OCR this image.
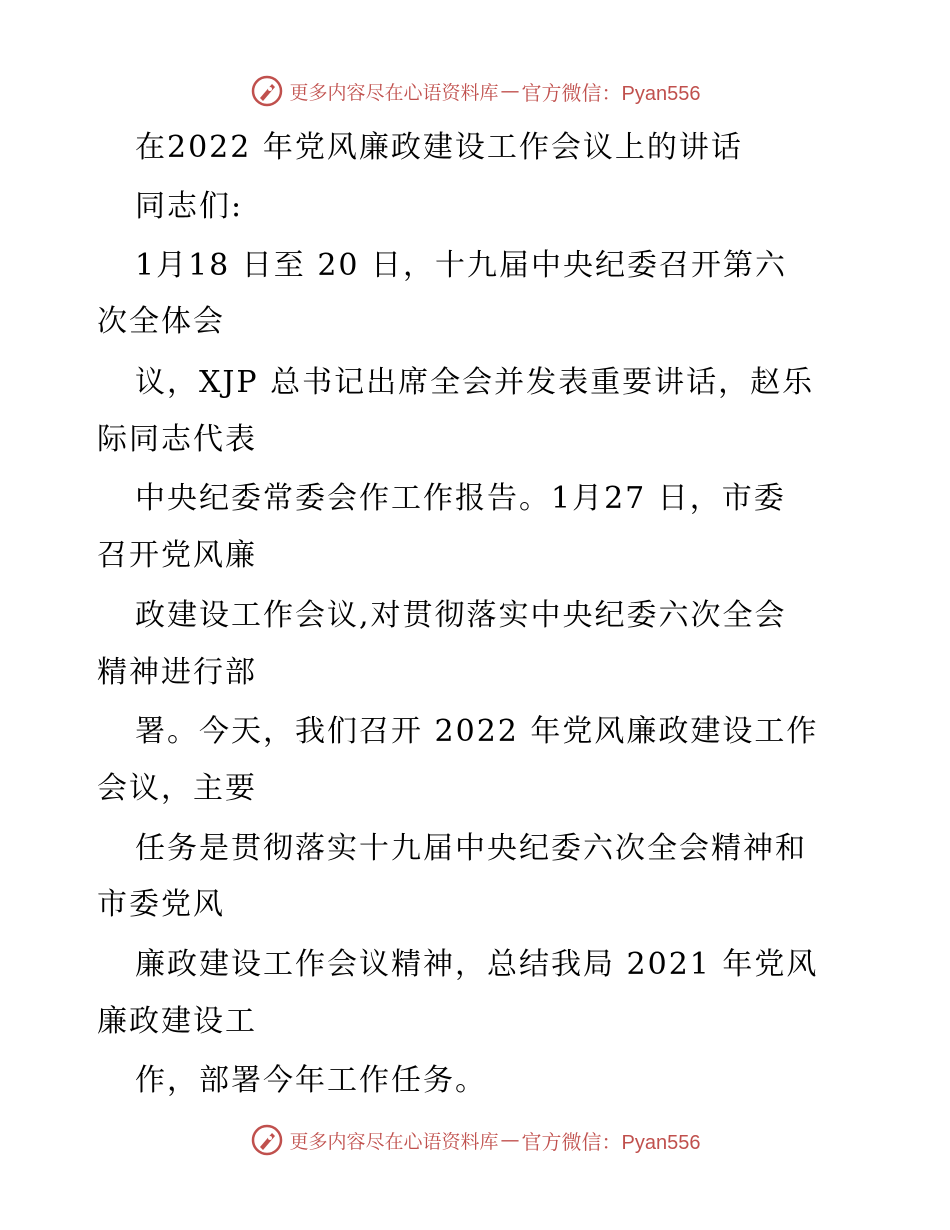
更多内容尽在心语资料库 — 官方微信：Pyan556
在2022 年党风廉政建设工作会议上的讲话
同志们:
1月18 日至 20 日，十九届中央纪委召开第六
次全体会
议，XJP 总书记出席全会并发表重要讲话，赵乐
际同志代表
中央纪委常委会作工作报告。1月27 日，市委
召开党风廉
政建设工作会议,对贯彻落实中央纪委六次全会
精神进行部
署。今天，我们召开 2022 年党风廉政建设工作
会议，主要
任务是贯彻落实十九届中央纪委六次全会精神和
市委党风
廉政建设工作会议精神，总结我局 2021 年党风
廉政建设工
作，部署今年工作任务。
更多内容尽在心语资料库 — 官方微信：Pyan556
